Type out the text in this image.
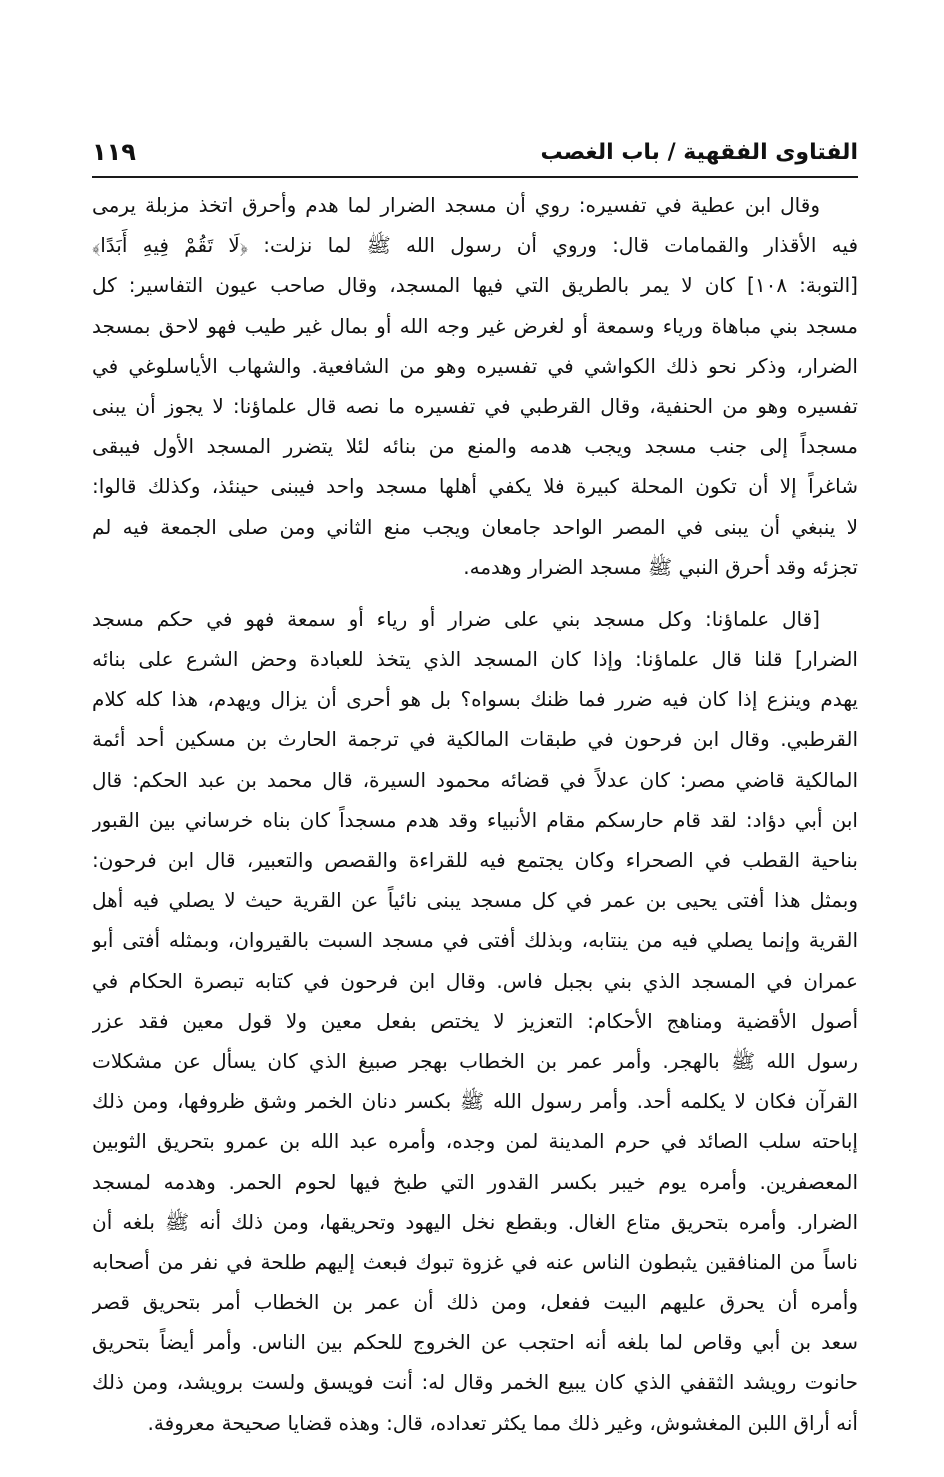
الفتاوى الفقهية / باب الغصب
١١٩
وقال ابن عطية في تفسيره: روي أن مسجد الضرار لما هدم وأحرق اتخذ مزبلة يرمى
فيه الأقذار والقمامات قال: وروي أن رسول الله ﷺ لما نزلت: ﴿لَا تَقُمْ فِيهِ أَبَدًا﴾
[التوبة: ١٠٨] كان لا يمر بالطريق التي فيها المسجد، وقال صاحب عيون التفاسير: كل
مسجد بني مباهاة ورياء وسمعة أو لغرض غير وجه الله أو بمال غير طيب فهو لاحق بمسجد
الضرار، وذكر نحو ذلك الكواشي في تفسيره وهو من الشافعية. والشهاب الأياسلوغي في
تفسيره وهو من الحنفية، وقال القرطبي في تفسيره ما نصه قال علماؤنا: لا يجوز أن يبنى
مسجداً إلى جنب مسجد ويجب هدمه والمنع من بنائه لئلا يتضرر المسجد الأول فيبقى
شاغراً إلا أن تكون المحلة كبيرة فلا يكفي أهلها مسجد واحد فيبنى حينئذ، وكذلك قالوا:
لا ينبغي أن يبنى في المصر الواحد جامعان ويجب منع الثاني ومن صلى الجمعة فيه لم
تجزئه وقد أحرق النبي ﷺ مسجد الضرار وهدمه.
[قال علماؤنا: وكل مسجد بني على ضرار أو رياء أو سمعة فهو في حكم مسجد
الضرار] قلنا قال علماؤنا: وإذا كان المسجد الذي يتخذ للعبادة وحض الشرع على بنائه
يهدم وينزع إذا كان فيه ضرر فما ظنك بسواه؟ بل هو أحرى أن يزال ويهدم، هذا كله كلام
القرطبي. وقال ابن فرحون في طبقات المالكية في ترجمة الحارث بن مسكين أحد أئمة
المالكية قاضي مصر: كان عدلاً في قضائه محمود السيرة، قال محمد بن عبد الحكم: قال
ابن أبي دؤاد: لقد قام حارسكم مقام الأنبياء وقد هدم مسجداً كان بناه خرساني بين القبور
بناحية القطب في الصحراء وكان يجتمع فيه للقراءة والقصص والتعبير، قال ابن فرحون:
وبمثل هذا أفتى يحيى بن عمر في كل مسجد يبنى نائياً عن القرية حيث لا يصلي فيه أهل
القرية وإنما يصلي فيه من ينتابه، وبذلك أفتى في مسجد السبت بالقيروان، وبمثله أفتى أبو
عمران في المسجد الذي بني بجبل فاس. وقال ابن فرحون في كتابه تبصرة الحكام في
أصول الأقضية ومناهج الأحكام: التعزيز لا يختص بفعل معين ولا قول معين فقد عزر
رسول الله ﷺ بالهجر. وأمر عمر بن الخطاب بهجر صبيغ الذي كان يسأل عن مشكلات
القرآن فكان لا يكلمه أحد. وأمر رسول الله ﷺ بكسر دنان الخمر وشق ظروفها، ومن ذلك
إباحته سلب الصائد في حرم المدينة لمن وجده، وأمره عبد الله بن عمرو بتحريق الثوبين
المعصفرين. وأمره يوم خيبر بكسر القدور التي طبخ فيها لحوم الحمر. وهدمه لمسجد
الضرار. وأمره بتحريق متاع الغال. وبقطع نخل اليهود وتحريقها، ومن ذلك أنه ﷺ بلغه أن
ناساً من المنافقين يثبطون الناس عنه في غزوة تبوك فبعث إليهم طلحة في نفر من أصحابه
وأمره أن يحرق عليهم البيت ففعل، ومن ذلك أن عمر بن الخطاب أمر بتحريق قصر
سعد بن أبي وقاص لما بلغه أنه احتجب عن الخروج للحكم بين الناس. وأمر أيضاً بتحريق
حانوت رويشد الثقفي الذي كان يبيع الخمر وقال له: أنت فويسق ولست برويشد، ومن ذلك
أنه أراق اللبن المغشوش، وغير ذلك مما يكثر تعداده، قال: وهذه قضايا صحيحة معروفة.
